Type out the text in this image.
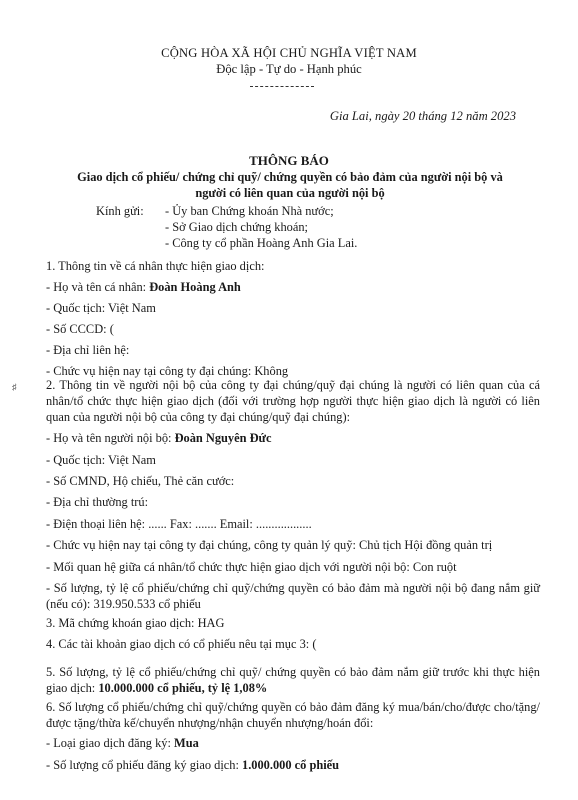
CỘNG HÒA XÃ HỘI CHỦ NGHĨA VIỆT NAM
Độc lập - Tự do - Hạnh phúc
Gia Lai, ngày 20 tháng 12 năm 2023
THÔNG BÁO
Giao dịch cổ phiếu/ chứng chỉ quỹ/ chứng quyền có bảo đảm của người nội bộ và người có liên quan của người nội bộ
Kính gửi: - Ủy ban Chứng khoán Nhà nước;
- Sở Giao dịch chứng khoán;
- Công ty cổ phần Hoàng Anh Gia Lai.
1. Thông tin về cá nhân thực hiện giao dịch:
- Họ và tên cá nhân: Đoàn Hoàng Anh
- Quốc tịch: Việt Nam
- Số CCCD: (
- Địa chỉ liên hệ:
- Chức vụ hiện nay tại công ty đại chúng: Không
♯ 2. Thông tin về người nội bộ của công ty đại chúng/quỹ đại chúng là người có liên quan của cá nhân/tổ chức thực hiện giao dịch (đối với trường hợp người thực hiện giao dịch là người có liên quan của người nội bộ của công ty đại chúng/quỹ đại chúng):
- Họ và tên người nội bộ: Đoàn Nguyên Đức
- Quốc tịch: Việt Nam
- Số CMND, Hộ chiếu, Thẻ căn cước:
- Địa chỉ thường trú:
- Điện thoại liên hệ: ...... Fax: ....... Email: ..................
- Chức vụ hiện nay tại công ty đại chúng, công ty quản lý quỹ: Chủ tịch Hội đồng quản trị
- Mối quan hệ giữa cá nhân/tổ chức thực hiện giao dịch với người nội bộ: Con ruột
- Số lượng, tỷ lệ cổ phiếu/chứng chỉ quỹ/chứng quyền có bảo đảm mà người nội bộ đang nắm giữ (nếu có): 319.950.533 cổ phiếu
3. Mã chứng khoán giao dịch: HAG
4. Các tài khoản giao dịch có cổ phiếu nêu tại mục 3: (
5. Số lượng, tỷ lệ cổ phiếu/chứng chỉ quỹ/ chứng quyền có bảo đảm nắm giữ trước khi thực hiện giao dịch: 10.000.000 cổ phiếu, tỷ lệ 1,08%
6. Số lượng cổ phiếu/chứng chỉ quỹ/chứng quyền có bảo đảm đăng ký mua/bán/cho/được cho/tặng/được tặng/thừa kế/chuyển nhượng/nhận chuyển nhượng/hoán đổi:
- Loại giao dịch đăng ký: Mua
- Số lượng cổ phiếu đăng ký giao dịch: 1.000.000 cổ phiếu
